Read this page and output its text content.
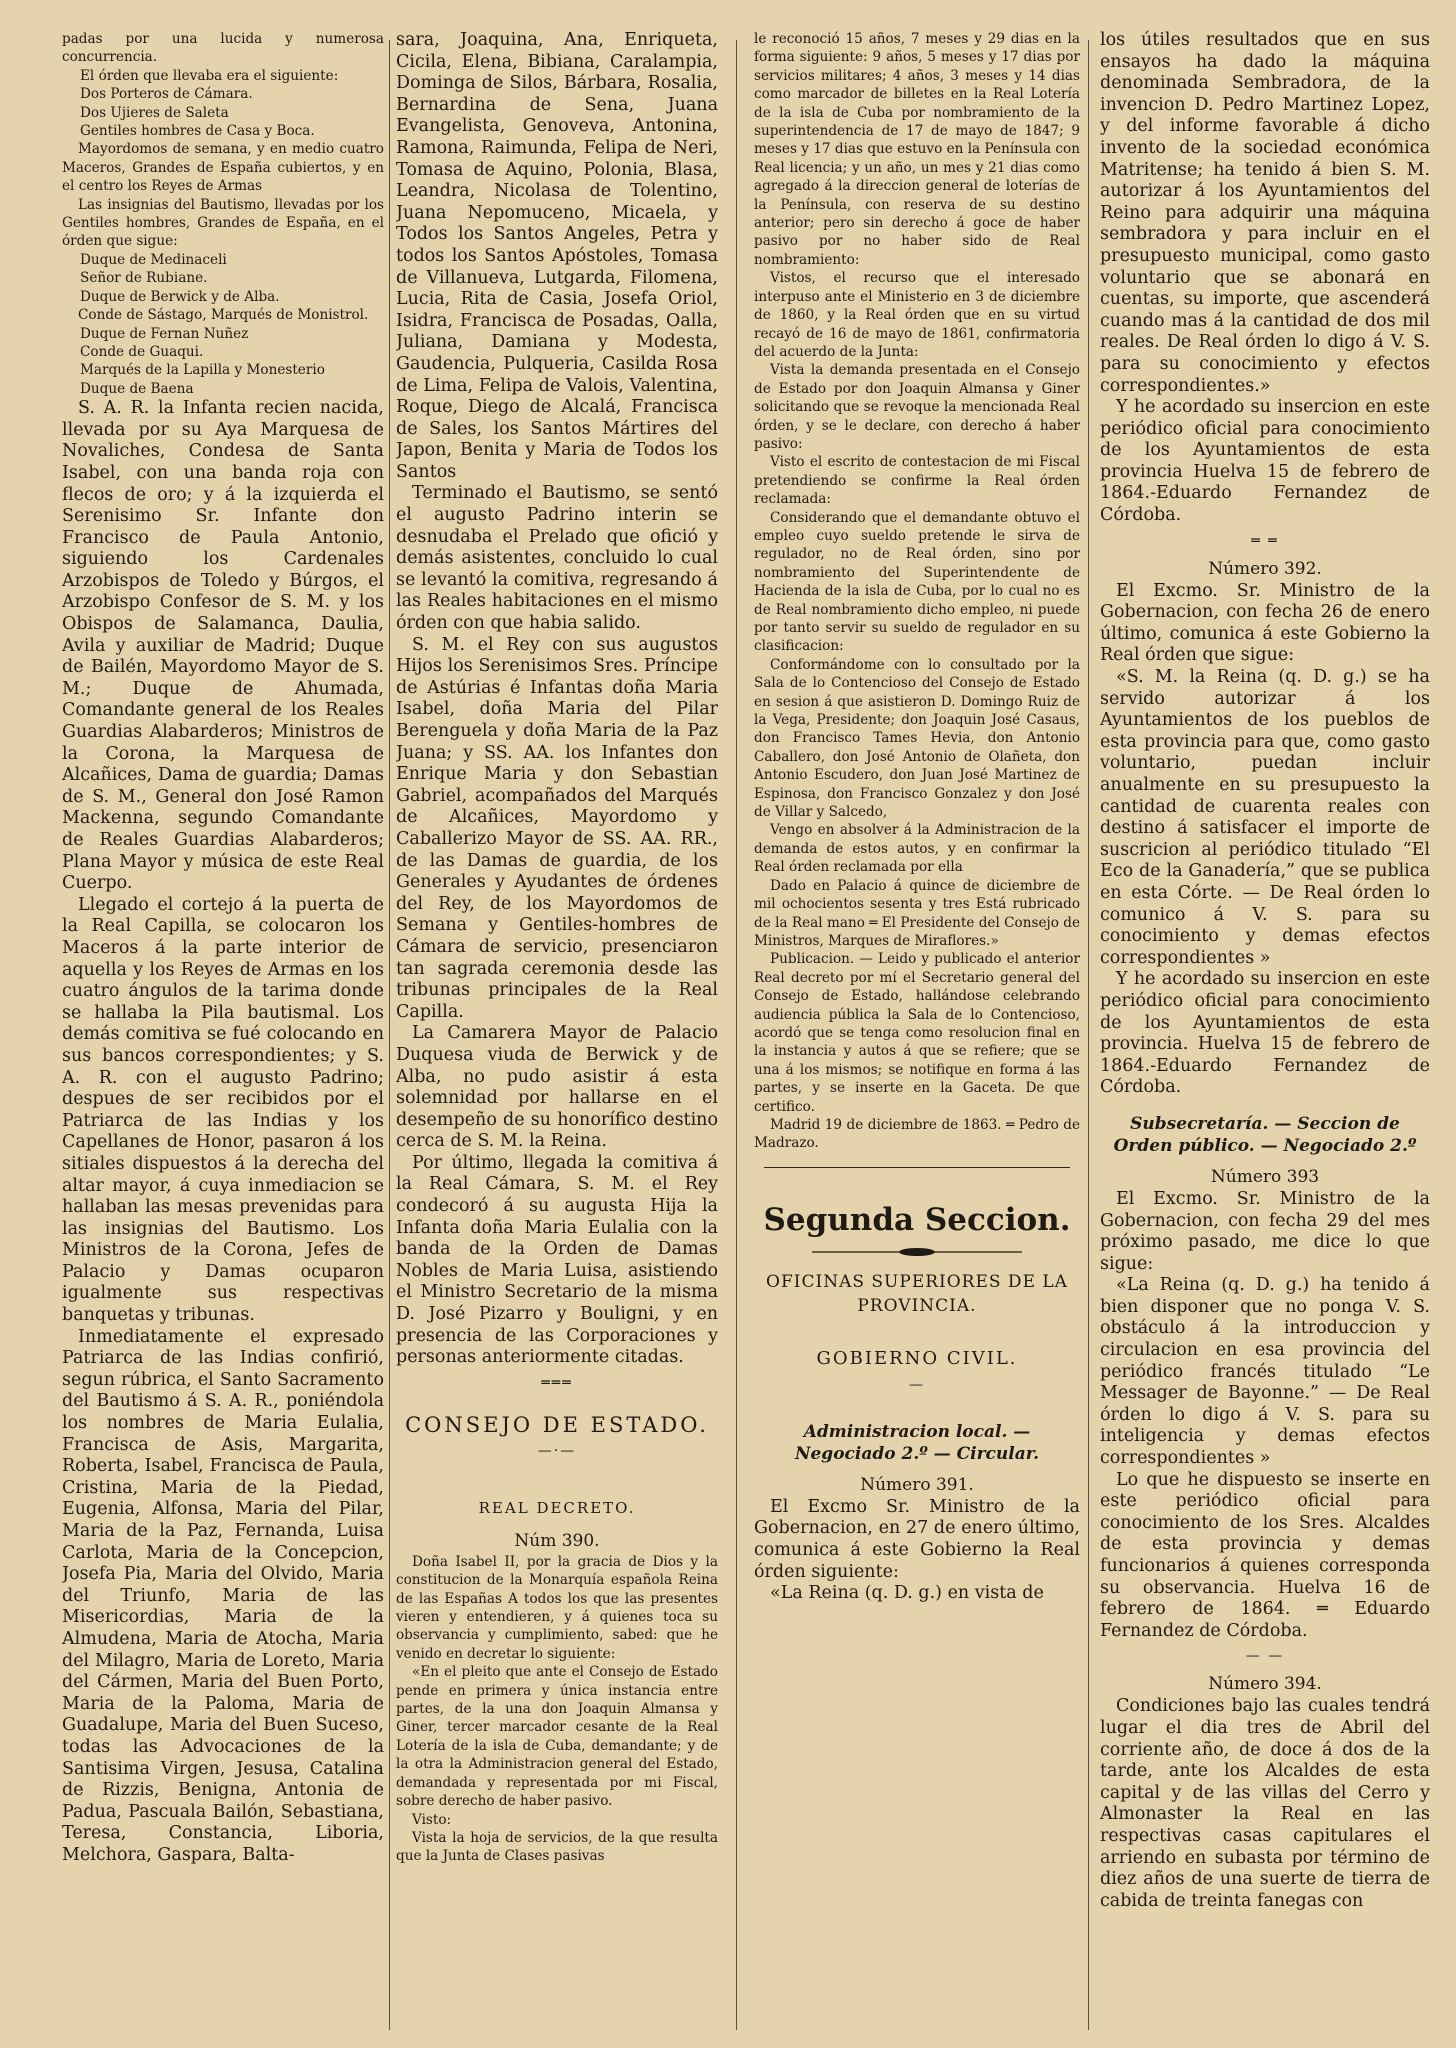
padas por una lucida y numerosa concurrencia.
El órden que llevaba era el siguiente:
Dos Porteros de Cámara.
Dos Ujieres de Saleta
Gentiles hombres de Casa y Boca.
Mayordomos de semana, y en medio cuatro Maceros, Grandes de España cubiertos, y en el centro los Reyes de Armas
Las insignias del Bautismo, llevadas por los Gentiles hombres, Grandes de España, en el órden que sigue:
Duque de Medinaceli
Señor de Rubiane.
Duque de Berwick y de Alba.
Conde de Sástago, Marqués de Monistrol.
Duque de Fernan Nuñez
Conde de Guaqui.
Marqués de la Lapilla y Monesterio
Duque de Baena
S. A. R. la Infanta recien nacida, llevada por su Aya Marquesa de Novaliches, Condesa de Santa Isabel, con una banda roja con flecos de oro; y á la izquierda el Serenisimo Sr. Infante don Francisco de Paula Antonio, siguiendo los Cardenales Arzobispos de Toledo y Búrgos, el Arzobispo Confesor de S. M. y los Obispos de Salamanca, Daulia, Avila y auxiliar de Madrid; Duque de Bailén, Mayordomo Mayor de S. M.; Duque de Ahumada, Comandante general de los Reales Guardias Alabarderos; Ministros de la Corona, la Marquesa de Alcañices, Dama de guardia; Damas de S. M., General don José Ramon Mackenna, segundo Comandante de Reales Guardias Alabarderos; Plana Mayor y música de este Real Cuerpo.
Llegado el cortejo á la puerta de la Real Capilla, se colocaron los Maceros á la parte interior de aquella y los Reyes de Armas en los cuatro ángulos de la tarima donde se hallaba la Pila bautismal. Los demás comitiva se fué colocando en sus bancos correspondientes; y S. A. R. con el augusto Padrino; despues de ser recibidos por el Patriarca de las Indias y los Capellanes de Honor, pasaron á los sitiales dispuestos á la derecha del altar mayor, á cuya inmediacion se hallaban las mesas prevenidas para las insignias del Bautismo. Los Ministros de la Corona, Jefes de Palacio y Damas ocuparon igualmente sus respectivas banquetas y tribunas.
Inmediatamente el expresado Patriarca de las Indias confirió, segun rúbrica, el Santo Sacramento del Bautismo á S. A. R., poniéndola los nombres de Maria Eulalia, Francisca de Asis, Margarita, Roberta, Isabel, Francisca de Paula, Cristina, Maria de la Piedad, Eugenia, Alfonsa, Maria del Pilar, Maria de la Paz, Fernanda, Luisa Carlota, Maria de la Concepcion, Josefa Pia, Maria del Olvido, Maria del Triunfo, Maria de las Misericordias, Maria de la Almudena, Maria de Atocha, Maria del Milagro, Maria de Loreto, Maria del Cármen, Maria del Buen Porto, Maria de la Paloma, Maria de Guadalupe, Maria del Buen Suceso, todas las Advocaciones de la Santisima Virgen, Jesusa, Catalina de Rizzis, Benigna, Antonia de Padua, Pascuala Bailón, Sebastiana, Teresa, Constancia, Liboria, Melchora, Gaspara, Balta-
sara, Joaquina, Ana, Enriqueta, Cicila, Elena, Bibiana, Caralampia, Dominga de Silos, Bárbara, Rosalia, Bernardina de Sena, Juana Evangelista, Genoveva, Antonina, Ramona, Raimunda, Felipa de Neri, Tomasa de Aquino, Polonia, Blasa, Leandra, Nicolasa de Tolentino, Juana Nepomuceno, Micaela, y Todos los Santos Angeles, Petra y todos los Santos Apóstoles, Tomasa de Villanueva, Lutgarda, Filomena, Lucia, Rita de Casia, Josefa Oriol, Isidra, Francisca de Posadas, Oalla, Juliana, Damiana y Modesta, Gaudencia, Pulqueria, Casilda Rosa de Lima, Felipa de Valois, Valentina, Roque, Diego de Alcalá, Francisca de Sales, los Santos Mártires del Japon, Benita y Maria de Todos los Santos
Terminado el Bautismo, se sentó el augusto Padrino interin se desnudaba el Prelado que ofició y demás asistentes, concluido lo cual se levantó la comitiva, regresando á las Reales habitaciones en el mismo órden con que habia salido.
S. M. el Rey con sus augustos Hijos los Serenisimos Sres. Príncipe de Astúrias é Infantas doña Maria Isabel, doña Maria del Pilar Berenguela y doña Maria de la Paz Juana; y SS. AA. los Infantes don Enrique Maria y don Sebastian Gabriel, acompañados del Marqués de Alcañices, Mayordomo y Caballerizo Mayor de SS. AA. RR., de las Damas de guardia, de los Generales y Ayudantes de órdenes del Rey, de los Mayordomos de Semana y Gentiles-hombres de Cámara de servicio, presenciaron tan sagrada ceremonia desde las tribunas principales de la Real Capilla.
La Camarera Mayor de Palacio Duquesa viuda de Berwick y de Alba, no pudo asistir á esta solemnidad por hallarse en el desempeño de su honorífico destino cerca de S. M. la Reina.
Por último, llegada la comitiva á la Real Cámara, S. M. el Rey condecoró á su augusta Hija la Infanta doña Maria Eulalia con la banda de la Orden de Damas Nobles de Maria Luisa, asistiendo el Ministro Secretario de la misma D. José Pizarro y Bouligni, y en presencia de las Corporaciones y personas anteriormente citadas.
═══
CONSEJO DE ESTADO.
—·—
REAL DECRETO.
Núm 390.
Doña Isabel II, por la gracia de Dios y la constitucion de la Monarquía española Reina de las Españas A todos los que las presentes vieren y entendieren, y á quienes toca su observancia y cumplimiento, sabed: que he venido en decretar lo siguiente:
«En el pleito que ante el Consejo de Estado pende en primera y única instancia entre partes, de la una don Joaquin Almansa y Giner, tercer marcador cesante de la Real Lotería de la isla de Cuba, demandante; y de la otra la Administracion general del Estado, demandada y representada por mi Fiscal, sobre derecho de haber pasivo.
Visto:
Vista la hoja de servicios, de la que resulta que la Junta de Clases pasivas
le reconoció 15 años, 7 meses y 29 dias en la forma siguiente: 9 años, 5 meses y 17 dias por servicios militares; 4 años, 3 meses y 14 dias como marcador de billetes en la Real Lotería de la isla de Cuba por nombramiento de la superintendencia de 17 de mayo de 1847; 9 meses y 17 dias que estuvo en la Península con Real licencia; y un año, un mes y 21 dias como agregado á la direccion general de loterías de la Península, con reserva de su destino anterior; pero sin derecho á goce de haber pasivo por no haber sido de Real nombramiento:
Vistos, el recurso que el interesado interpuso ante el Ministerio en 3 de diciembre de 1860, y la Real órden que en su virtud recayó de 16 de mayo de 1861, confirmatoria del acuerdo de la Junta:
Vista la demanda presentada en el Consejo de Estado por don Joaquin Almansa y Giner solicitando que se revoque la mencionada Real órden, y se le declare, con derecho á haber pasivo:
Visto el escrito de contestacion de mi Fiscal pretendiendo se confirme la Real órden reclamada:
Considerando que el demandante obtuvo el empleo cuyo sueldo pretende le sirva de regulador, no de Real órden, sino por nombramiento del Superintendente de Hacienda de la isla de Cuba, por lo cual no es de Real nombramiento dicho empleo, ni puede por tanto servir su sueldo de regulador en su clasificacion:
Conformándome con lo consultado por la Sala de lo Contencioso del Consejo de Estado en sesion á que asistieron D. Domingo Ruiz de la Vega, Presidente; don Joaquin José Casaus, don Francisco Tames Hevia, don Antonio Caballero, don José Antonio de Olañeta, don Antonio Escudero, don Juan José Martinez de Espinosa, don Francisco Gonzalez y don José de Villar y Salcedo,
Vengo en absolver á la Administracion de la demanda de estos autos, y en confirmar la Real órden reclamada por ella
Dado en Palacio á quince de diciembre de mil ochocientos sesenta y tres Está rubricado de la Real mano ═ El Presidente del Consejo de Ministros, Marques de Miraflores.»
Publicacion. — Leido y publicado el anterior Real decreto por mí el Secretario general del Consejo de Estado, hallándose celebrando audiencia pública la Sala de lo Contencioso, acordó que se tenga como resolucion final en la instancia y autos á que se refiere; que se una á los mismos; se notifique en forma á las partes, y se inserte en la Gaceta. De que certifico.
Madrid 19 de diciembre de 1863. ═ Pedro de Madrazo.
Segunda Seccion.
OFICINAS SUPERIORES DE LA PROVINCIA.
GOBIERNO CIVIL.
—
Administracion local. — Negociado 2.º — Circular.
Número 391.
El Excmo Sr. Ministro de la Gobernacion, en 27 de enero último, comunica á este Gobierno la Real órden siguiente:
«La Reina (q. D. g.) en vista de
los útiles resultados que en sus ensayos ha dado la máquina denominada Sembradora, de la invencion D. Pedro Martinez Lopez, y del informe favorable á dicho invento de la sociedad económica Matritense; ha tenido á bien S. M. autorizar á los Ayuntamientos del Reino para adquirir una máquina sembradora y para incluir en el presupuesto municipal, como gasto voluntario que se abonará en cuentas, su importe, que ascenderá cuando mas á la cantidad de dos mil reales. De Real órden lo digo á V. S. para su conocimiento y efectos correspondientes.»
Y he acordado su insercion en este periódico oficial para conocimiento de los Ayuntamientos de esta provincia Huelva 15 de febrero de 1864.-Eduardo Fernandez de Córdoba.
═ ═
Número 392.
El Excmo. Sr. Ministro de la Gobernacion, con fecha 26 de enero último, comunica á este Gobierno la Real órden que sigue:
«S. M. la Reina (q. D. g.) se ha servido autorizar á los Ayuntamientos de los pueblos de esta provincia para que, como gasto voluntario, puedan incluir anualmente en su presupuesto la cantidad de cuarenta reales con destino á satisfacer el importe de suscricion al periódico titulado “El Eco de la Ganadería,” que se publica en esta Córte. — De Real órden lo comunico á V. S. para su conocimiento y demas efectos correspondientes »
Y he acordado su insercion en este periódico oficial para conocimiento de los Ayuntamientos de esta provincia. Huelva 15 de febrero de 1864.-Eduardo Fernandez de Córdoba.
Subsecretaría. — Seccion de Orden público. — Negociado 2.º
Número 393
El Excmo. Sr. Ministro de la Gobernacion, con fecha 29 del mes próximo pasado, me dice lo que sigue:
«La Reina (q. D. g.) ha tenido á bien disponer que no ponga V. S. obstáculo á la introduccion y circulacion en esa provincia del periódico francés titulado “Le Messager de Bayonne.” — De Real órden lo digo á V. S. para su inteligencia y demas efectos correspondientes »
Lo que he dispuesto se inserte en este periódico oficial para conocimiento de los Sres. Alcaldes de esta provincia y demas funcionarios á quienes corresponda su observancia. Huelva 16 de febrero de 1864. ═ Eduardo Fernandez de Córdoba.
— —
Número 394.
Condiciones bajo las cuales tendrá lugar el dia tres de Abril del corriente año, de doce á dos de la tarde, ante los Alcaldes de esta capital y de las villas del Cerro y Almonaster la Real en las respectivas casas capitulares el arriendo en subasta por término de diez años de una suerte de tierra de cabida de treinta fanegas con
